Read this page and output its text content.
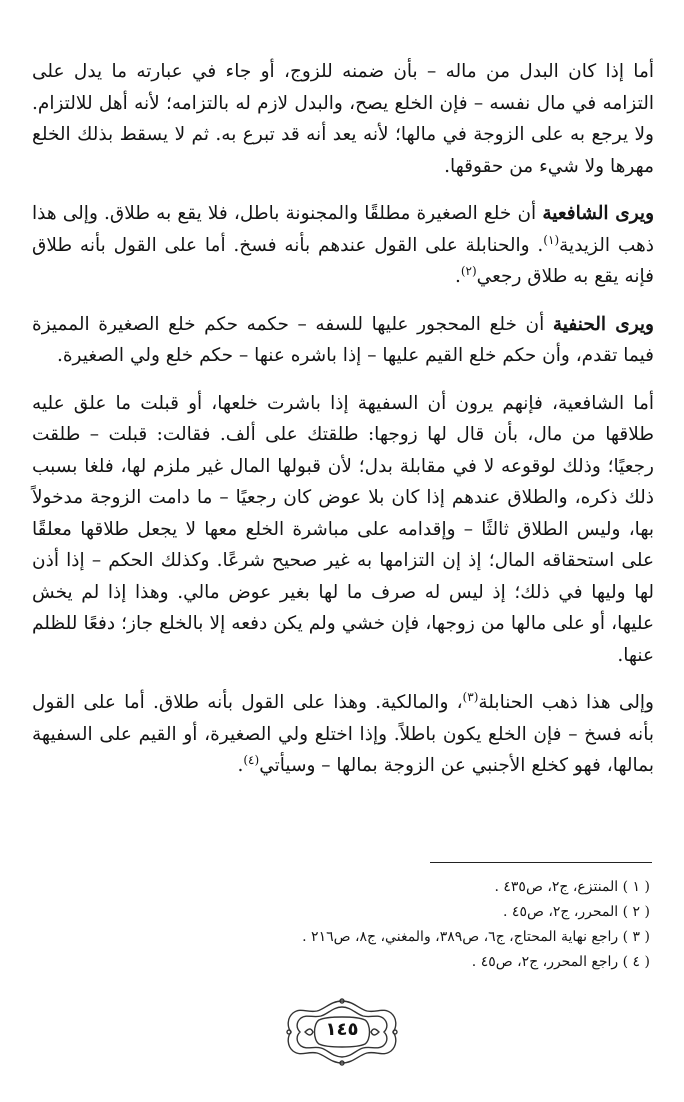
أما إذا كان البدل من ماله – بأن ضمنه للزوج، أو جاء في عبارته ما يدل على التزامه في مال نفسه – فإن الخلع يصح، والبدل لازم له بالتزامه؛ لأنه أهل للالتزام. ولا يرجع به على الزوجة في مالها؛ لأنه يعد أنه قد تبرع به. ثم لا يسقط بذلك الخلع مهرها ولا شيء من حقوقها.

ويرى الشافعية أن خلع الصغيرة مطلقًا والمجنونة باطل، فلا يقع به طلاق. وإلى هذا ذهب الزيدية$^{(١)}$. والحنابلة على القول عندهم بأنه فسخ. أما على القول بأنه طلاق فإنه يقع به طلاق رجعي$^{(٢)}$.

ويرى الحنفية أن خلع المحجور عليها للسفه – حكمه حكم خلع الصغيرة المميزة فيما تقدم، وأن حكم خلع القيم عليها – إذا باشره عنها – حكم خلع ولي الصغيرة.

أما الشافعية، فإنهم يرون أن السفيهة إذا باشرت خلعها، أو قبلت ما علق عليه طلاقها من مال، بأن قال لها زوجها: طلقتك على ألف. فقالت: قبلت – طلقت رجعيًا؛ وذلك لوقوعه لا في مقابلة بدل؛ لأن قبولها المال غير ملزم لها، فلغا بسبب ذلك ذكره، والطلاق عندهم إذا كان بلا عوض كان رجعيًا – ما دامت الزوجة مدخولاً بها، وليس الطلاق ثالثًا – وإقدامه على مباشرة الخلع معها لا يجعل طلاقها معلقًا على استحقاقه المال؛ إذ إن التزامها به غير صحيح شرعًا. وكذلك الحكم – إذا أذن لها وليها في ذلك؛ إذ ليس له صرف ما لها بغير عوض مالي. وهذا إذا لم يخش عليها، أو على مالها من زوجها، فإن خشي ولم يكن دفعه إلا بالخلع جاز؛ دفعًا للظلم عنها.

وإلى هذا ذهب الحنابلة$^{(٣)}$، والمالكية. وهذا على القول بأنه طلاق. أما على القول بأنه فسخ – فإن الخلع يكون باطلاً. وإذا اختلع ولي الصغيرة، أو القيم على السفيهة بمالها، فهو كخلع الأجنبي عن الزوجة بمالها – وسيأتي$^{(٤)}$.

( ١ ) المنتزع، ج٢، ص٤٣٥ .

( ٢ ) المحرر، ج٢، ص٤٥ .

( ٣ ) راجع نهاية المحتاج، ج٦، ص٣٨٩، والمغني، ج٨، ص٢١٦ .

( ٤ ) راجع المحرر، ج٢، ص٤٥ .

١٤٥
